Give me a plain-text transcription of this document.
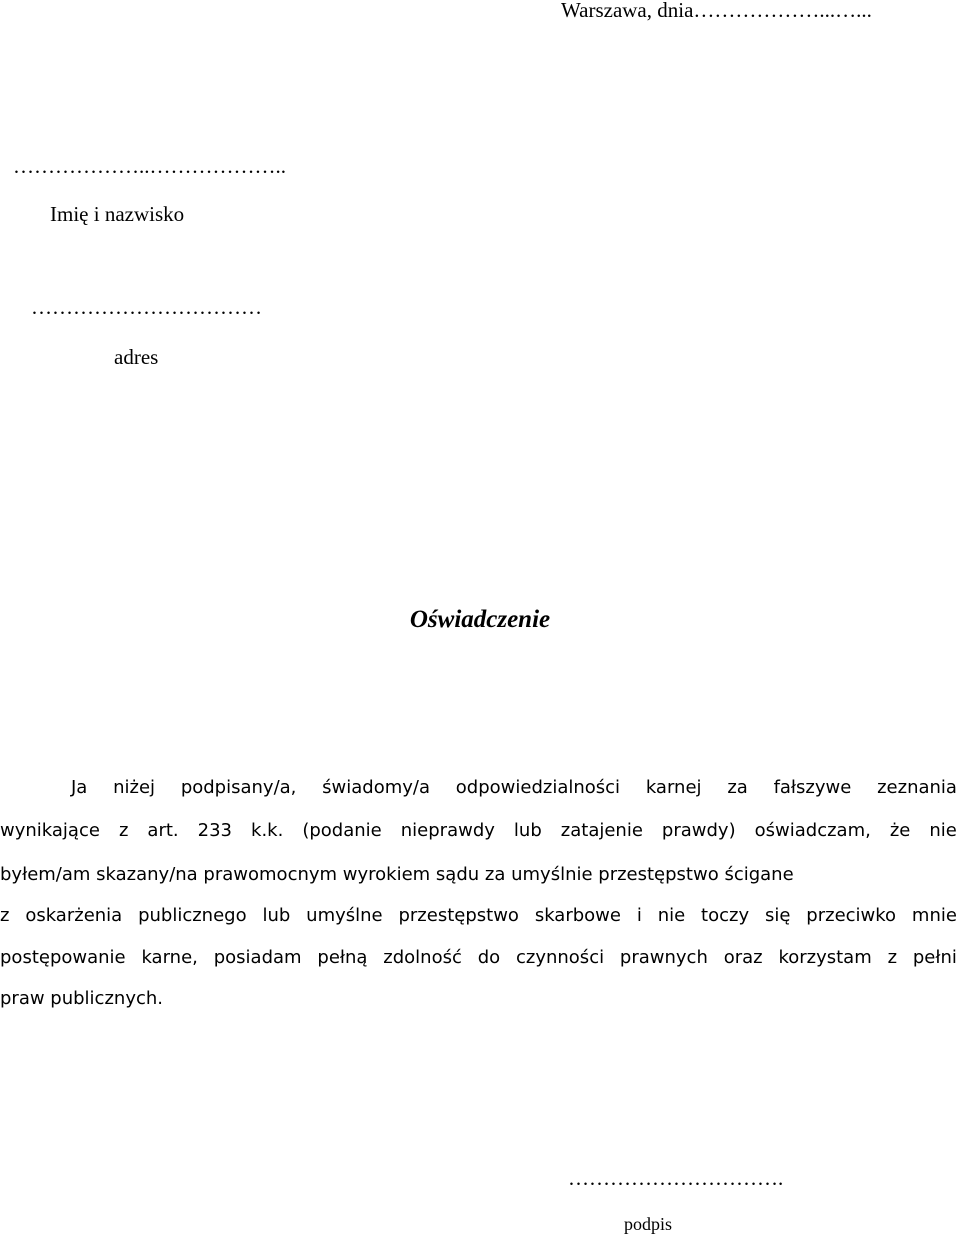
Warszawa, dnia………………...…...
………………..………………..
Imię i nazwisko
……………………………
adres
Oświadczenie
Ja niżej podpisany/a, świadomy/a odpowiedzialności karnej za fałszywe zeznania
wynikające z art. 233 k.k. (podanie nieprawdy lub zatajenie prawdy) oświadczam, że nie
byłem/am skazany/na prawomocnym wyrokiem sądu za umyślnie przestępstwo ścigane
z oskarżenia publicznego lub umyślne przestępstwo skarbowe i nie toczy się przeciwko mnie
postępowanie karne, posiadam pełną zdolność do czynności prawnych oraz korzystam z pełni
praw publicznych.
………………………….
podpis
